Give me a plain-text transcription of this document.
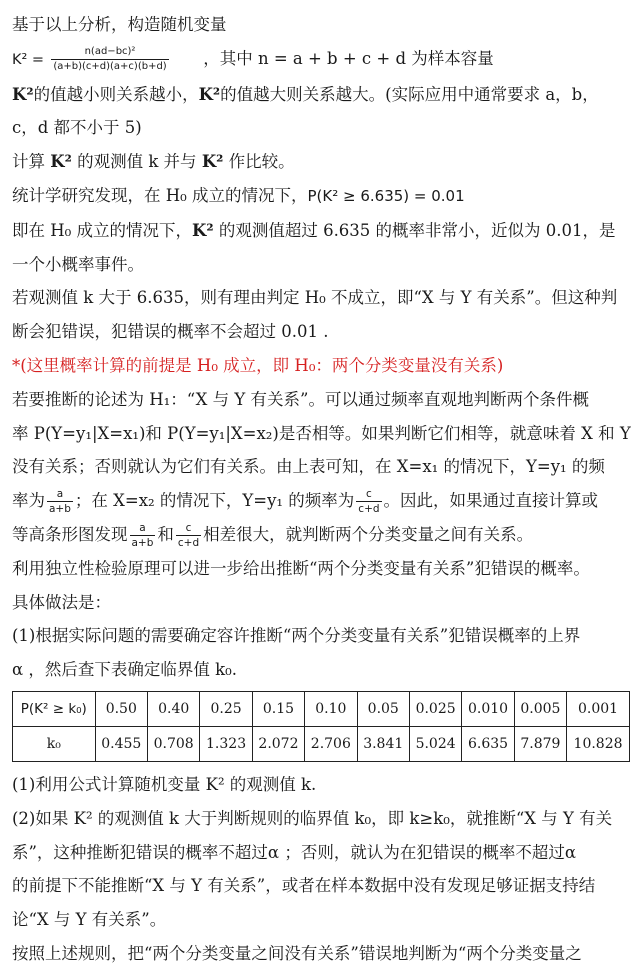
基于以上分析，构造随机变量
$K^2 = \frac{\text{n(ad−bc)²}}{(a+b)(c+d)(a+c)(b+d)}$ ，其中 n = a + b + c + d 为样本容量
K²的值越小则关系越小，K²的值越大则关系越大。(实际应用中通常要求 a，b，
c，d 都不小于 5)
计算 K² 的观测值 k 并与 K² 作比较。
统计学研究发现，在 H₀ 成立的情况下，P(K² ≥ 6.635) = 0.01
即在 H₀ 成立的情况下，K² 的观测值超过 6.635 的概率非常小，近似为 0.01，是
一个小概率事件。
若观测值 k 大于 6.635，则有理由判定 H₀ 不成立，即“X 与 Y 有关系”。但这种判
断会犯错误，犯错误的概率不会超过 0.01 .
*(这里概率计算的前提是 H₀ 成立，即 H₀：两个分类变量没有关系)
若要推断的论述为 H₁：“X 与 Y 有关系”。可以通过频率直观地判断两个条件概
率 P(Y=y₁|X=x₁)和 P(Y=y₁|X=x₂)是否相等。如果判断它们相等，就意味着 X 和 Y
没有关系；否则就认为它们有关系。由上表可知，在 X=x₁ 的情况下，Y=y₁ 的频
率为 $\frac{a}{a+b}$ ；在 X=x₂ 的情况下，Y=y₁ 的频率为 $\frac{c}{c+d}$ 。因此，如果通过直接计算或
等高条形图发现 $\frac{a}{a+b}$ 和 $\frac{c}{c+d}$ 相差很大，就判断两个分类变量之间有关系。
利用独立性检验原理可以进一步给出推断“两个分类变量有关系”犯错误的概率。
具体做法是：
(1)根据实际问题的需要确定容许推断“两个分类变量有关系”犯错误概率的上界
α ，然后查下表确定临界值 k₀.
P(K² ≥ k₀)	0.50	0.40	0.25	0.15	0.10	0.05	0.025	0.010	0.005	0.001
k₀	0.455	0.708	1.323	2.072	2.706	3.841	5.024	6.635	7.879	10.828
(1)利用公式计算随机变量 K² 的观测值 k.
(2)如果 K² 的观测值 k 大于判断规则的临界值 k₀，即 k≥k₀，就推断“X 与 Y 有关
系”，这种推断犯错误的概率不超过α ；否则，就认为在犯错误的概率不超过α
的前提下不能推断“X 与 Y 有关系”，或者在样本数据中没有发现足够证据支持结
论“X 与 Y 有关系”。
按照上述规则，把“两个分类变量之间没有关系”错误地判断为“两个分类变量之
